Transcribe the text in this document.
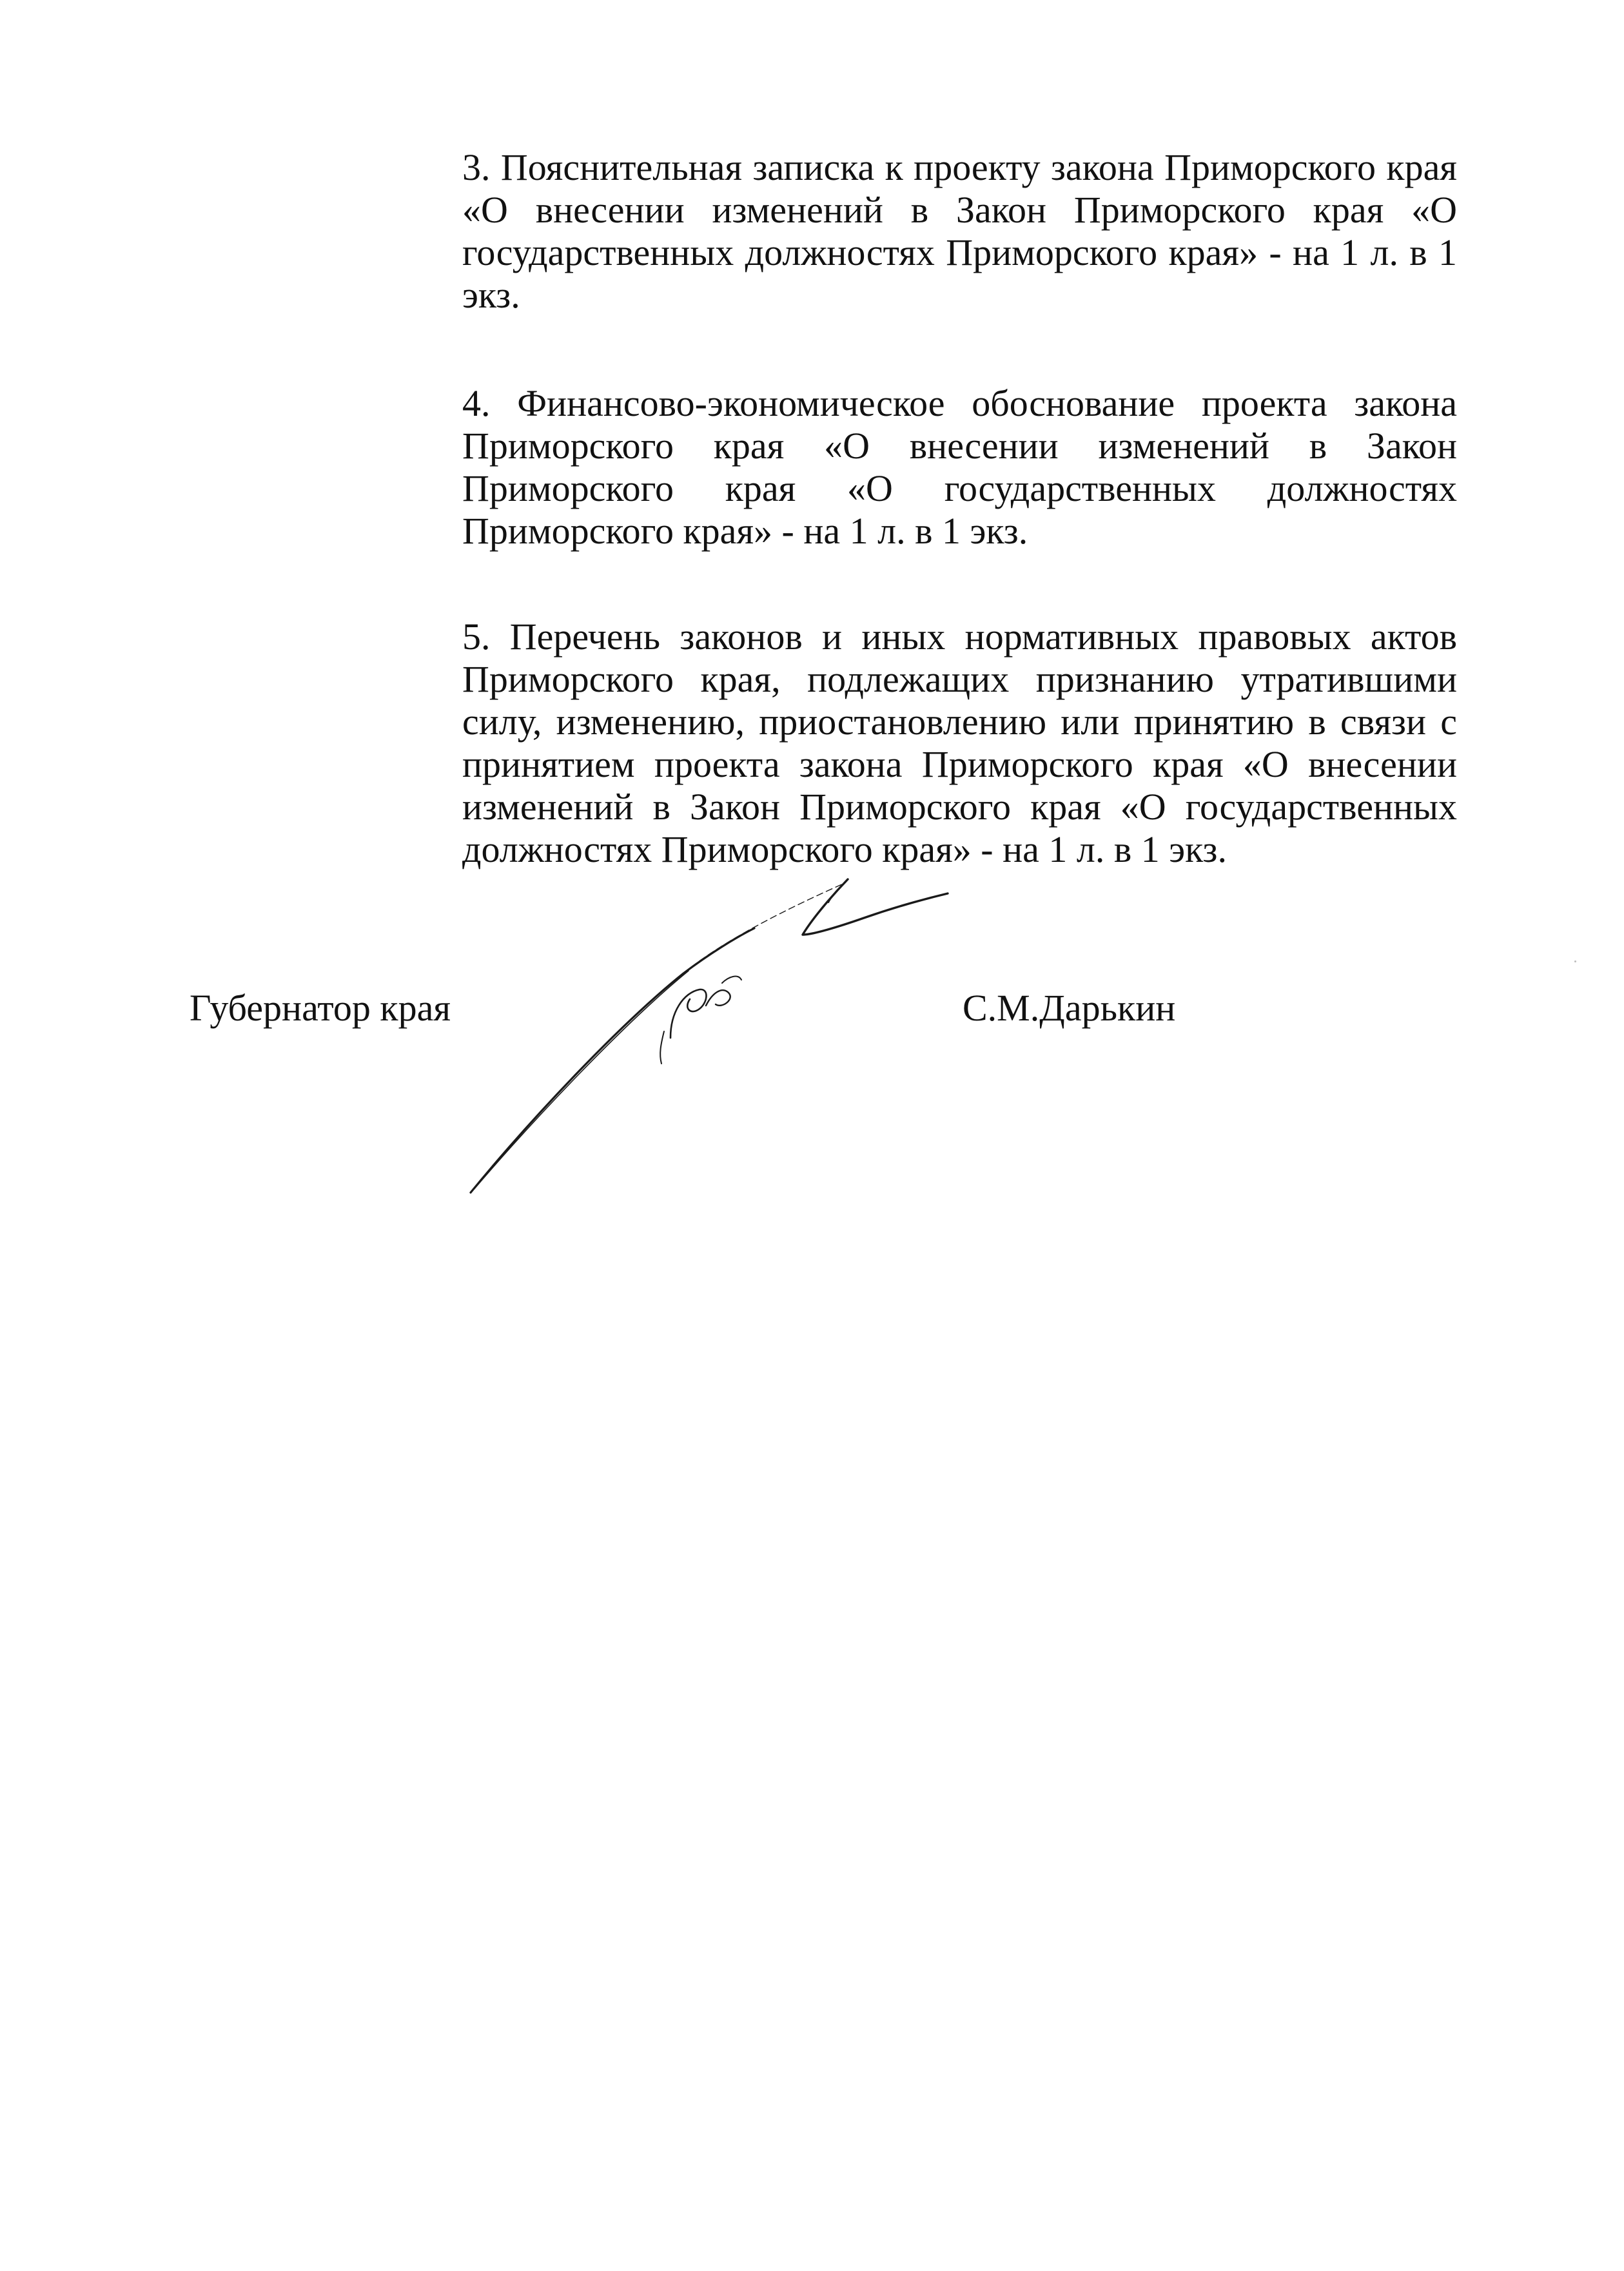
3. Пояснительная записка к проекту закона Приморского края «О внесении изменений в Закон Приморского края «О государственных должностях Приморского края» - на 1 л. в 1 экз.

4. Финансово-экономическое обоснование проекта закона Приморского края «О внесении изменений в Закон Приморского края «О государственных должностях Приморского края» - на 1 л. в 1 экз.

5. Перечень законов и иных нормативных правовых актов Приморского края, подлежащих признанию утратившими силу, изменению, приостановлению или принятию в связи с принятием проекта закона Приморского края «О внесении изменений в Закон Приморского края «О государственных должностях Приморского края» - на 1 л. в 1 экз.

Губернатор края	С.М.Дарькин
